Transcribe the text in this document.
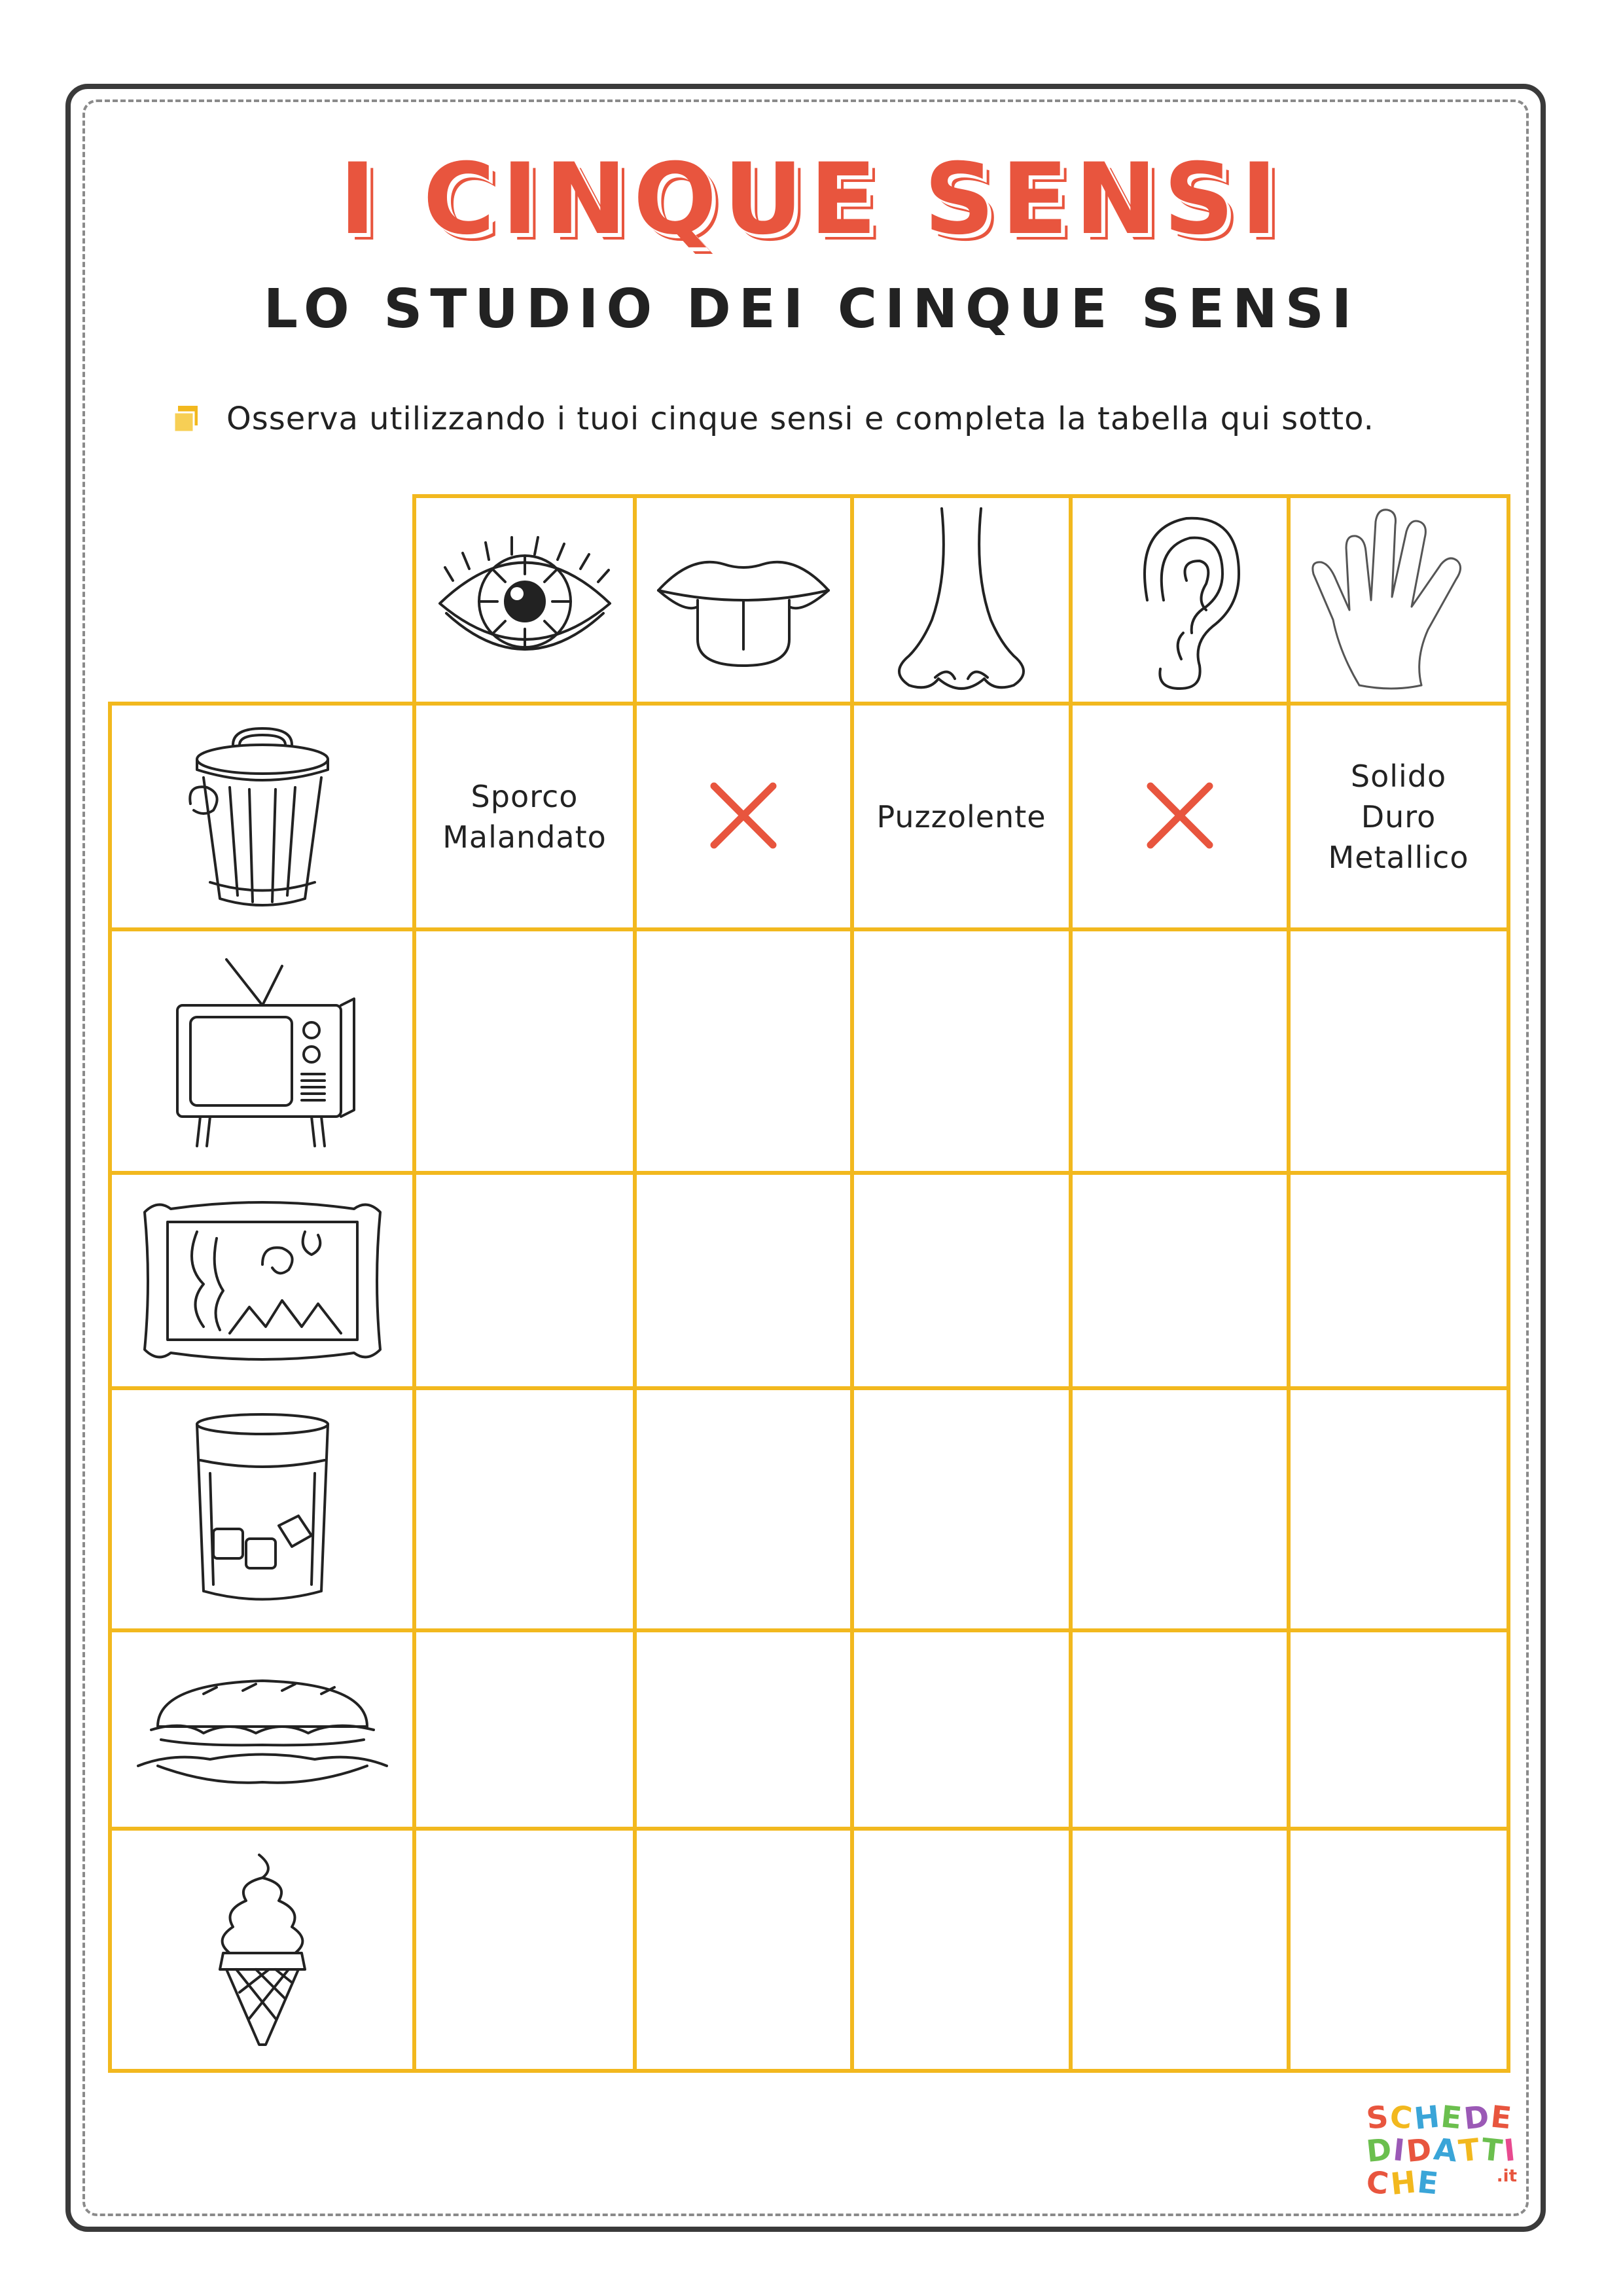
I CINQUE SENSI
LO STUDIO DEI CINQUE SENSI
Osserva utilizzando i tuoi cinque sensi e completa la tabella qui sotto.
Sporco
Malandato
Puzzolente
Solido
Duro
Metallico
SCHEDE
DIDATTICHE	.it
